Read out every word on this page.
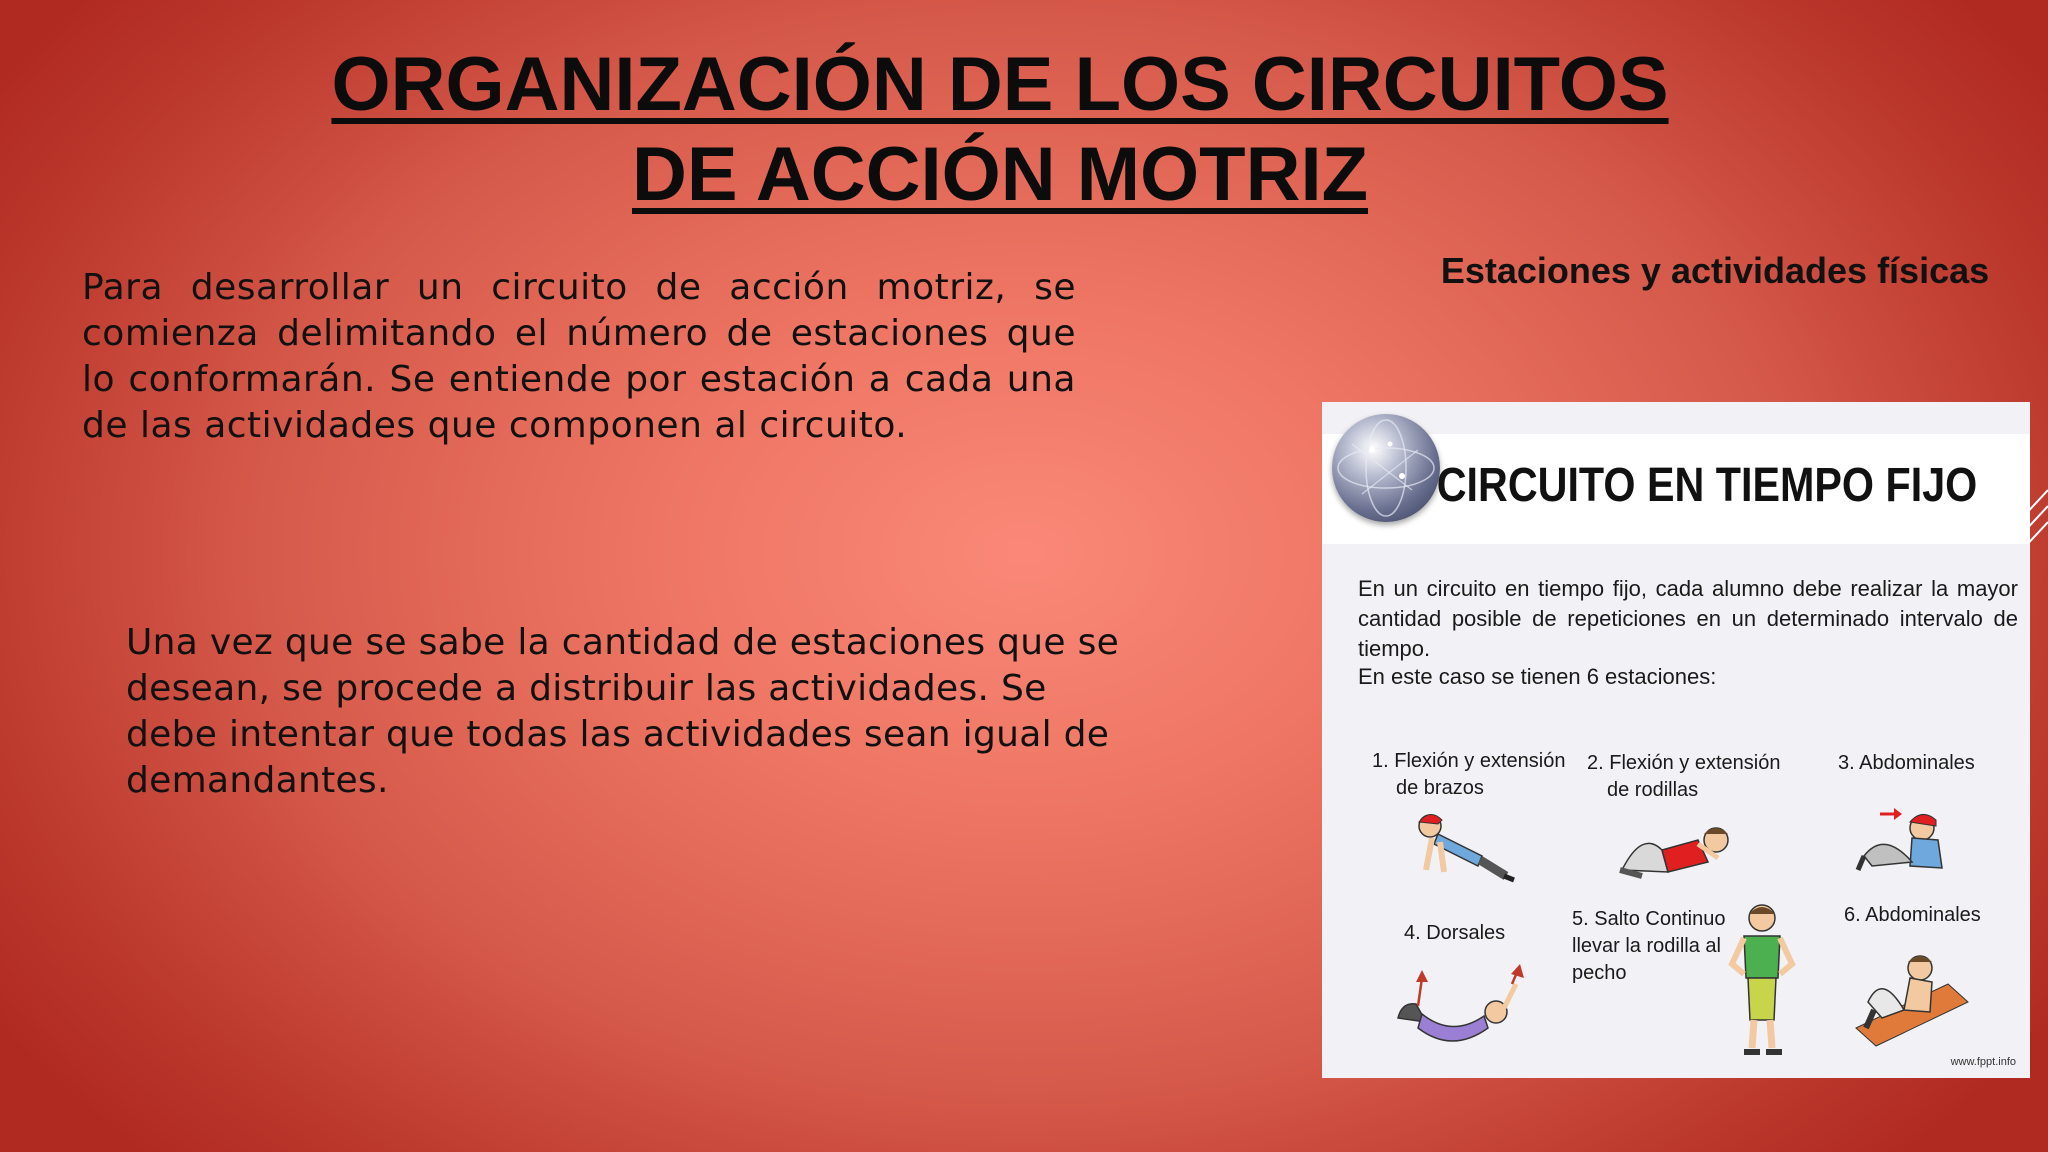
ORGANIZACIÓN DE LOS CIRCUITOS
DE ACCIÓN MOTRIZ
Para desarrollar un circuito de acción motriz, se comienza delimitando el número de estaciones que lo conformarán. Se entiende por estación a cada una de las actividades que componen al circuito.
Una vez que se sabe la cantidad de estaciones que se desean, se procede a distribuir las actividades. Se debe intentar que todas las actividades sean igual de demandantes.
Estaciones y actividades físicas
CIRCUITO EN TIEMPO FIJO
En un circuito en tiempo fijo, cada alumno debe realizar la mayor cantidad posible de repeticiones en un determinado intervalo de tiempo.
En este caso se tienen 6 estaciones:
1. Flexión y extensión
de brazos
2. Flexión y extensión
de rodillas
3. Abdominales
4. Dorsales
5. Salto Continuo
llevar la rodilla al
pecho
6. Abdominales
www.fppt.info
